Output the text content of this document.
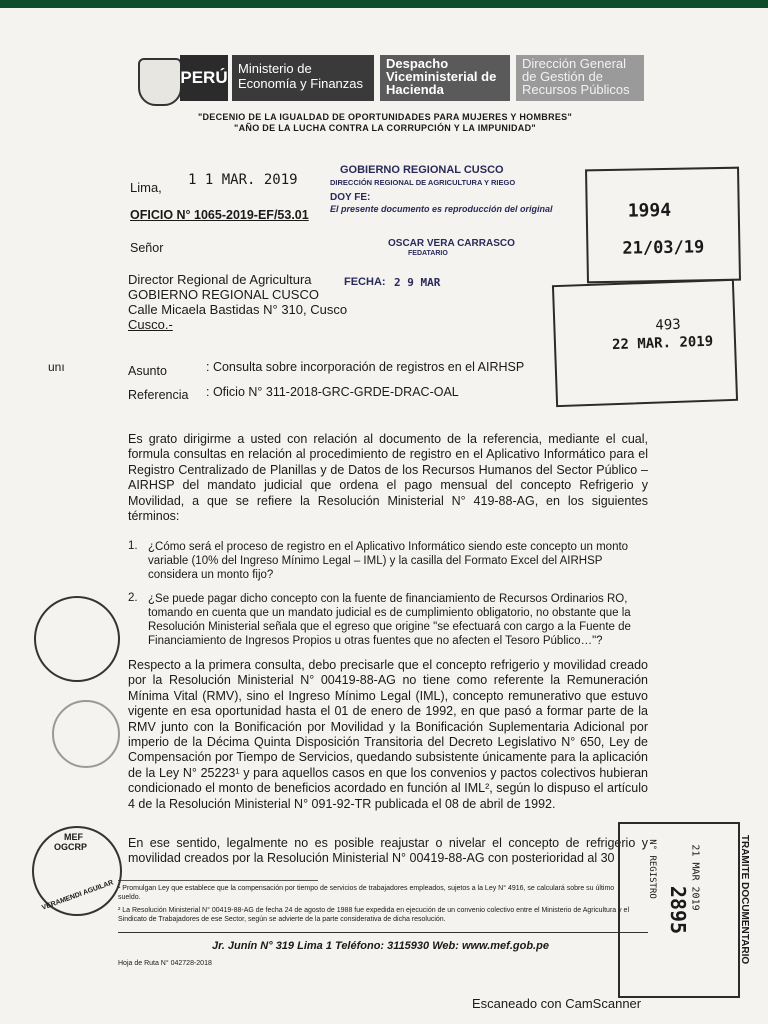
PERÚ Ministerio de Economía y Finanzas
Despacho Viceministerial de Hacienda
Dirección General de Gestión de Recursos Públicos
"DECENIO DE LA IGUALDAD DE OPORTUNIDADES PARA MUJERES Y HOMBRES"
"AÑO DE LA LUCHA CONTRA LA CORRUPCIÓN Y LA IMPUNIDAD"
unı
1 1 MAR. 2019
Lima,
OFICIO N° 1065-2019-EF/53.01
Señor
Director Regional de Agricultura
GOBIERNO REGIONAL CUSCO
Calle Micaela Bastidas N° 310, Cusco
Cusco.-
Asunto	: Consulta sobre incorporación de registros en el AIRHSP
Referencia : Oficio N° 311-2018-GRC-GRDE-DRAC-OAL
Es grato dirigirme a usted con relación al documento de la referencia, mediante el cual, formula consultas en relación al procedimiento de registro en el Aplicativo Informático para el Registro Centralizado de Planillas y de Datos de los Recursos Humanos del Sector Público – AIRHSP del mandato judicial que ordena el pago mensual del concepto Refrigerio y Movilidad, a que se refiere la Resolución Ministerial N° 419-88-AG, en los siguientes términos:
1. ¿Cómo será el proceso de registro en el Aplicativo Informático siendo este concepto un monto variable (10% del Ingreso Mínimo Legal – IML) y la casilla del Formato Excel del AIRHSP considera un monto fijo?
2. ¿Se puede pagar dicho concepto con la fuente de financiamiento de Recursos Ordinarios RO, tomando en cuenta que un mandato judicial es de cumplimiento obligatorio, no obstante que la Resolución Ministerial señala que el egreso que origine "se efectuará con cargo a la Fuente de Financiamiento de Ingresos Propios u otras fuentes que no afecten el Tesoro Público…"?
Respecto a la primera consulta, debo precisarle que el concepto refrigerio y movilidad creado por la Resolución Ministerial N° 00419-88-AG no tiene como referente la Remuneración Mínima Vital (RMV), sino el Ingreso Mínimo Legal (IML), concepto remunerativo que estuvo vigente en esa oportunidad hasta el 01 de enero de 1992, en que pasó a formar parte de la RMV junto con la Bonificación por Movilidad y la Bonificación Suplementaria Adicional por imperio de la Décima Quinta Disposición Transitoria del Decreto Legislativo N° 650, Ley de Compensación por Tiempo de Servicios, quedando subsistente únicamente para la aplicación de la Ley N° 25223¹ y para aquellos casos en que los convenios y pactos colectivos hubieran condicionado el monto de beneficios acordado en función al IML², según lo dispuso el artículo 4 de la Resolución Ministerial N° 091-92-TR publicada el 08 de abril de 1992.
En ese sentido, legalmente no es posible reajustar o nivelar el concepto de refrigerio y movilidad creados por la Resolución Ministerial N° 00419-88-AG con posterioridad al 30
¹ Promulgan Ley que establece que la compensación por tiempo de servicios de trabajadores empleados, sujetos a la Ley N° 4916, se calculará sobre su último sueldo.
² La Resolución Ministerial N° 00419-88-AG de fecha 24 de agosto de 1988 fue expedida en ejecución de un convenio colectivo entre el Ministerio de Agricultura y el Sindicato de Trabajadores de ese Sector, según se advierte de la parte considerativa de dicha resolución.
Jr. Junín N° 319 Lima 1 Teléfono: 3115930 Web: www.mef.gob.pe
Hoja de Ruta N° 042728-2018
GOBIERNO REGIONAL CUSCO
DIRECCIÓN REGIONAL DE AGRICULTURA Y RIEGO
DOY FE:
El presente documento es reproducción del original
OSCAR VERA CARRASCO
FEDATARIO
FECHA: 2 9 MAR
1994
21/03/19
493
22 MAR. 2019
MEF
OGCRP
VERAMENDI AGUILAR	TRAMITE DOCUMENTARIO
N° REGISTRO
2895 21 MAR 2019
Escaneado con CamScanner
